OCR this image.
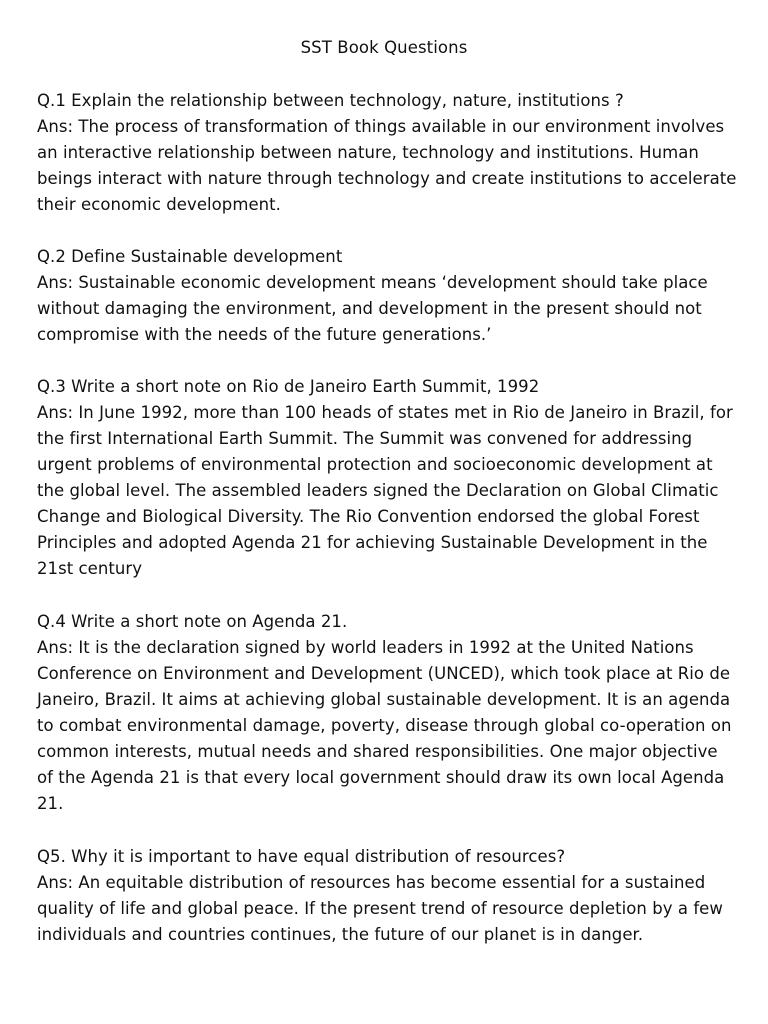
SST Book Questions

Q.1 Explain the relationship between technology, nature, institutions ?

Ans: The process of transformation of things available in our environment involves an interactive relationship between nature, technology and institutions. Human beings interact with nature through technology and create institutions to accelerate their economic development.

Q.2 Define Sustainable development

Ans: Sustainable economic development means ‘development should take place without damaging the environment, and development in the present should not compromise with the needs of the future generations.’

Q.3 Write a short note on Rio de Janeiro Earth Summit, 1992

Ans: In June 1992, more than 100 heads of states met in Rio de Janeiro in Brazil, for the first International Earth Summit. The Summit was convened for addressing urgent problems of environmental protection and socioeconomic development at the global level. The assembled leaders signed the Declaration on Global Climatic Change and Biological Diversity. The Rio Convention endorsed the global Forest Principles and adopted Agenda 21 for achieving Sustainable Development in the 21st century

Q.4 Write a short note on Agenda 21.

Ans: It is the declaration signed by world leaders in 1992 at the United Nations Conference on Environment and Development (UNCED), which took place at Rio de Janeiro, Brazil. It aims at achieving global sustainable development. It is an agenda to combat environmental damage, poverty, disease through global co-operation on common interests, mutual needs and shared responsibilities. One major objective of the Agenda 21 is that every local government should draw its own local Agenda 21.

Q5. Why it is important to have equal distribution of resources?

Ans: An equitable distribution of resources has become essential for a sustained quality of life and global peace. If the present trend of resource depletion by a few individuals and countries continues, the future of our planet is in danger.
